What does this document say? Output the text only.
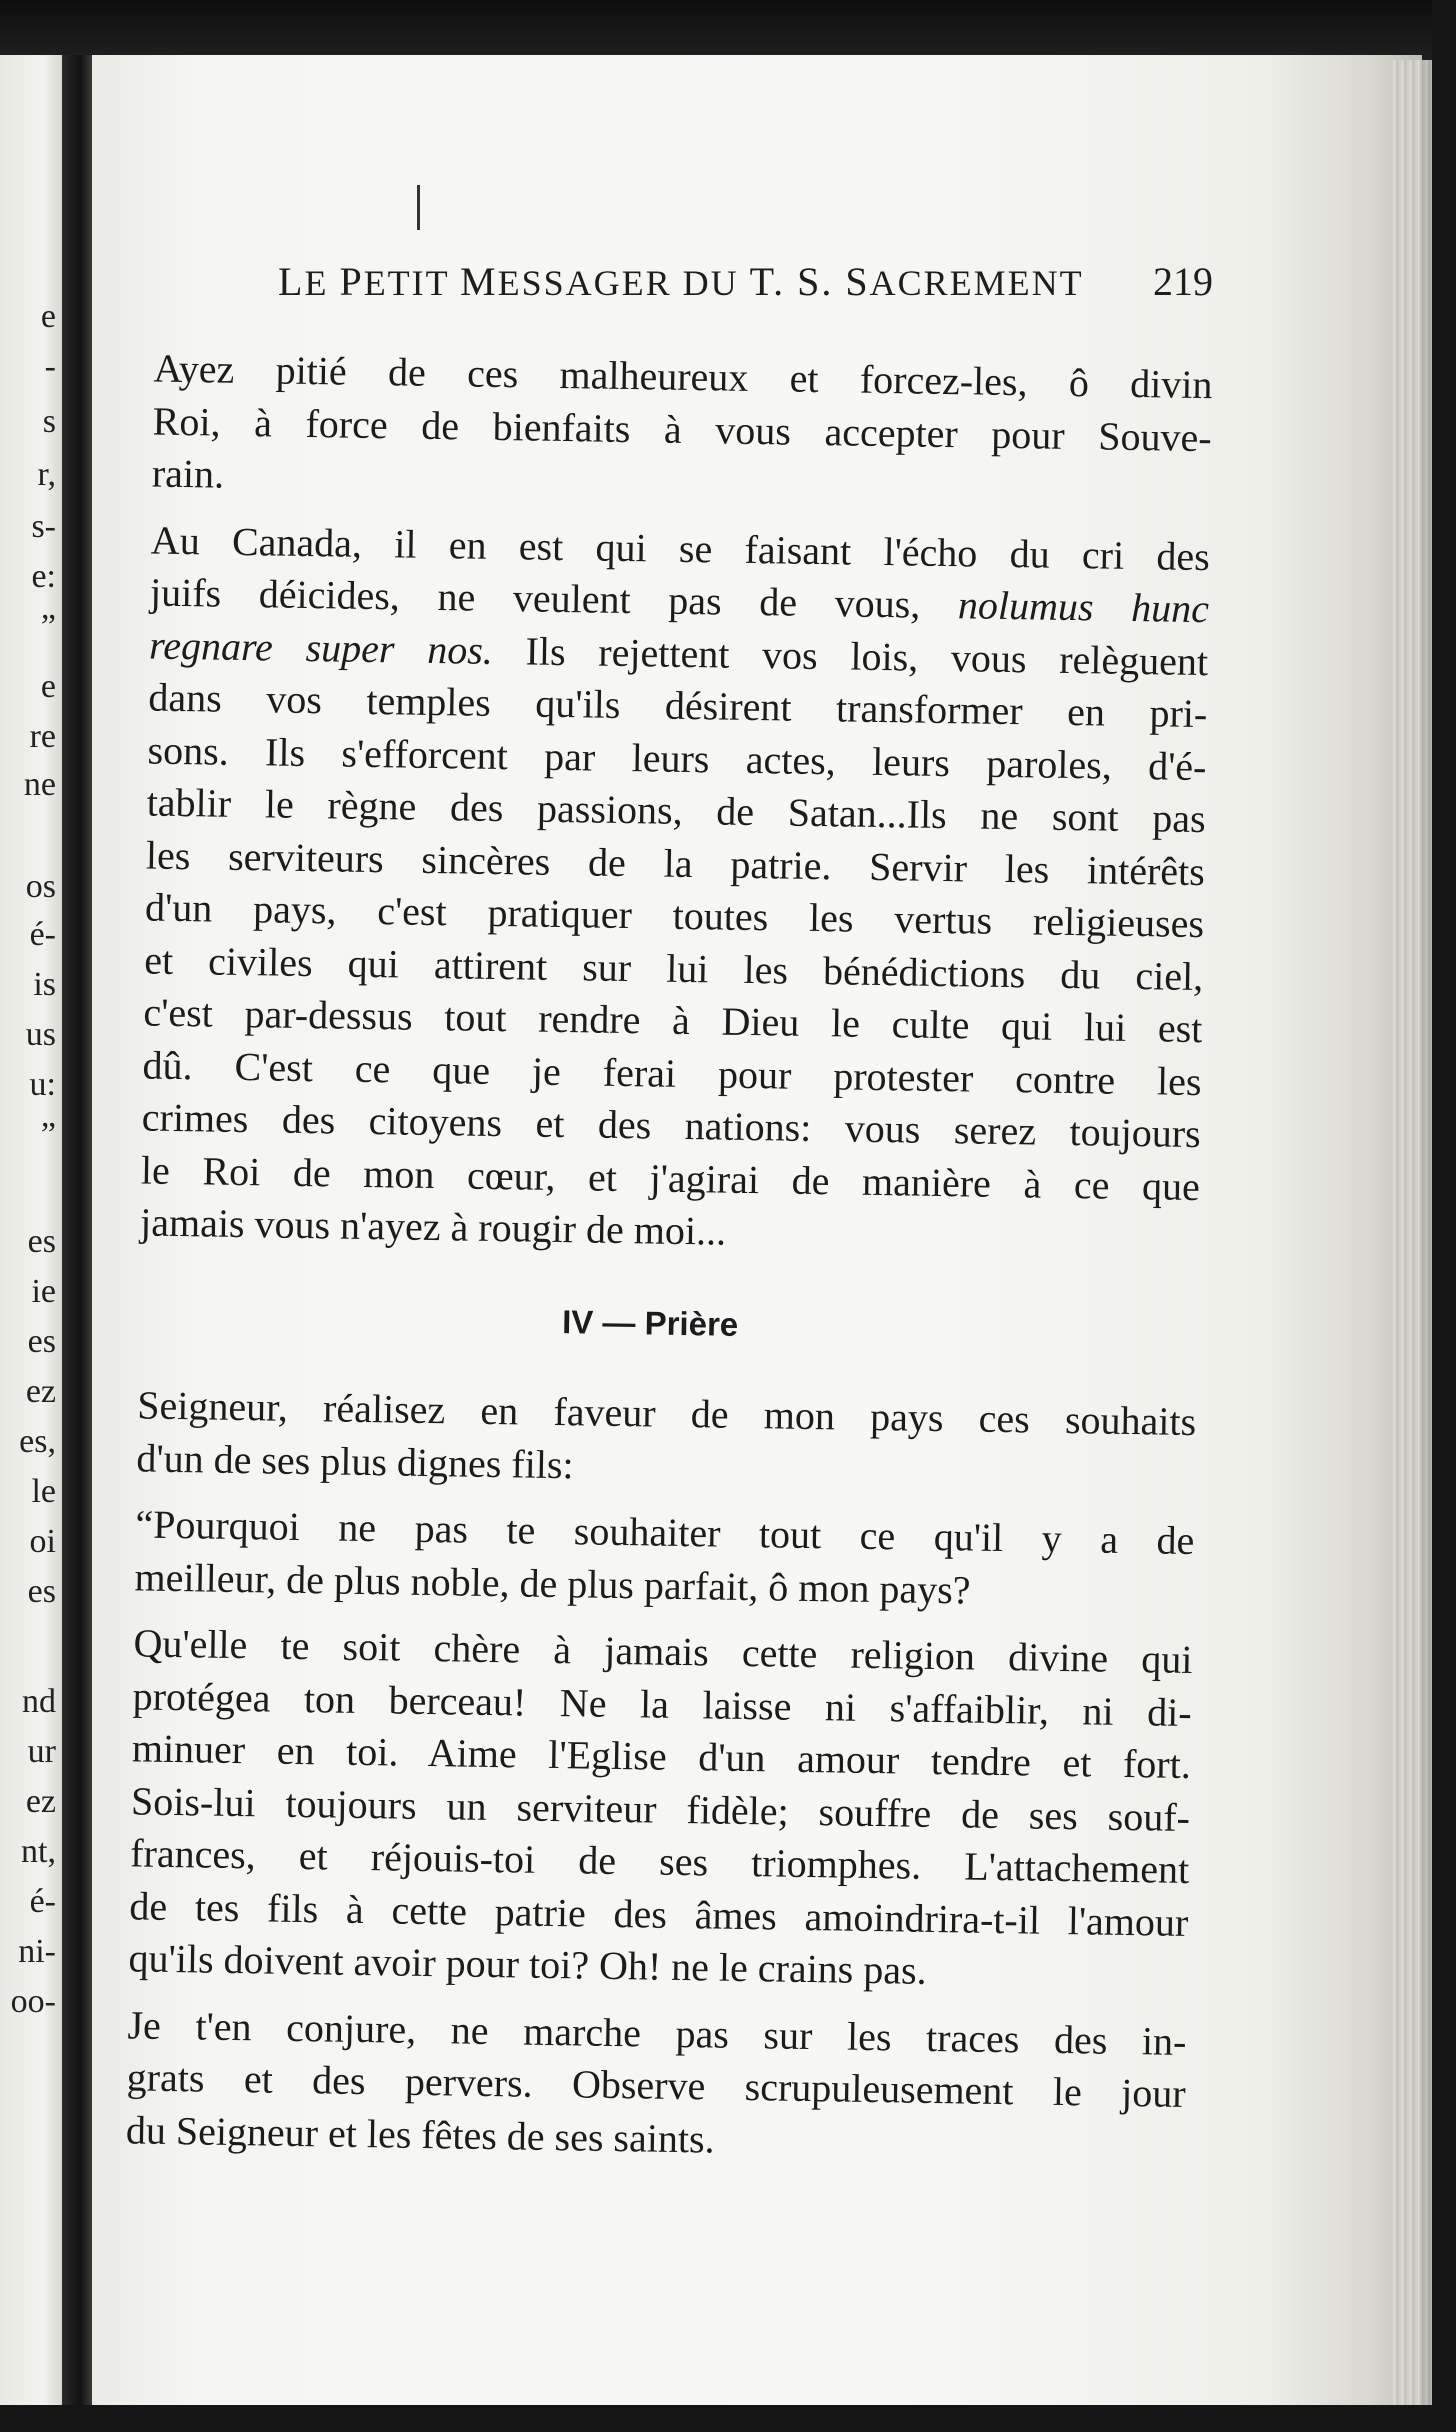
e
-
s
r,
s-
e:
”
e
re
ne
os
é-
is
us
u:
”
es
ie
es
ez
es,
le
oi
es
nd
ur
ez
nt,
é-
ni-
oo-
LE PETIT MESSAGER DU T. S. SACREMENT 219

Ayez pitié de ces malheureux et forcez-les, ô divin
Roi, à force de bienfaits à vous accepter pour Souve-
rain.

Au Canada, il en est qui se faisant l'écho du cri des
juifs déicides, ne veulent pas de vous, nolumus hunc
regnare super nos. Ils rejettent vos lois, vous relèguent
dans vos temples qu'ils désirent transformer en pri-
sons. Ils s'efforcent par leurs actes, leurs paroles, d'é-
tablir le règne des passions, de Satan...Ils ne sont pas
les serviteurs sincères de la patrie. Servir les intérêts
d'un pays, c'est pratiquer toutes les vertus religieuses
et civiles qui attirent sur lui les bénédictions du ciel,
c'est par-dessus tout rendre à Dieu le culte qui lui est
dû. C'est ce que je ferai pour protester contre les
crimes des citoyens et des nations: vous serez toujours
le Roi de mon cœur, et j'agirai de manière à ce que
jamais vous n'ayez à rougir de moi...

IV — Prière

Seigneur, réalisez en faveur de mon pays ces souhaits
d'un de ses plus dignes fils:

“Pourquoi ne pas te souhaiter tout ce qu'il y a de
meilleur, de plus noble, de plus parfait, ô mon pays?

Qu'elle te soit chère à jamais cette religion divine qui
protégea ton berceau! Ne la laisse ni s'affaiblir, ni di-
minuer en toi. Aime l'Eglise d'un amour tendre et fort.
Sois-lui toujours un serviteur fidèle; souffre de ses souf-
frances, et réjouis-toi de ses triomphes. L'attachement
de tes fils à cette patrie des âmes amoindrira-t-il l'amour
qu'ils doivent avoir pour toi? Oh! ne le crains pas.

Je t'en conjure, ne marche pas sur les traces des in-
grats et des pervers. Observe scrupuleusement le jour
du Seigneur et les fêtes de ses saints.
